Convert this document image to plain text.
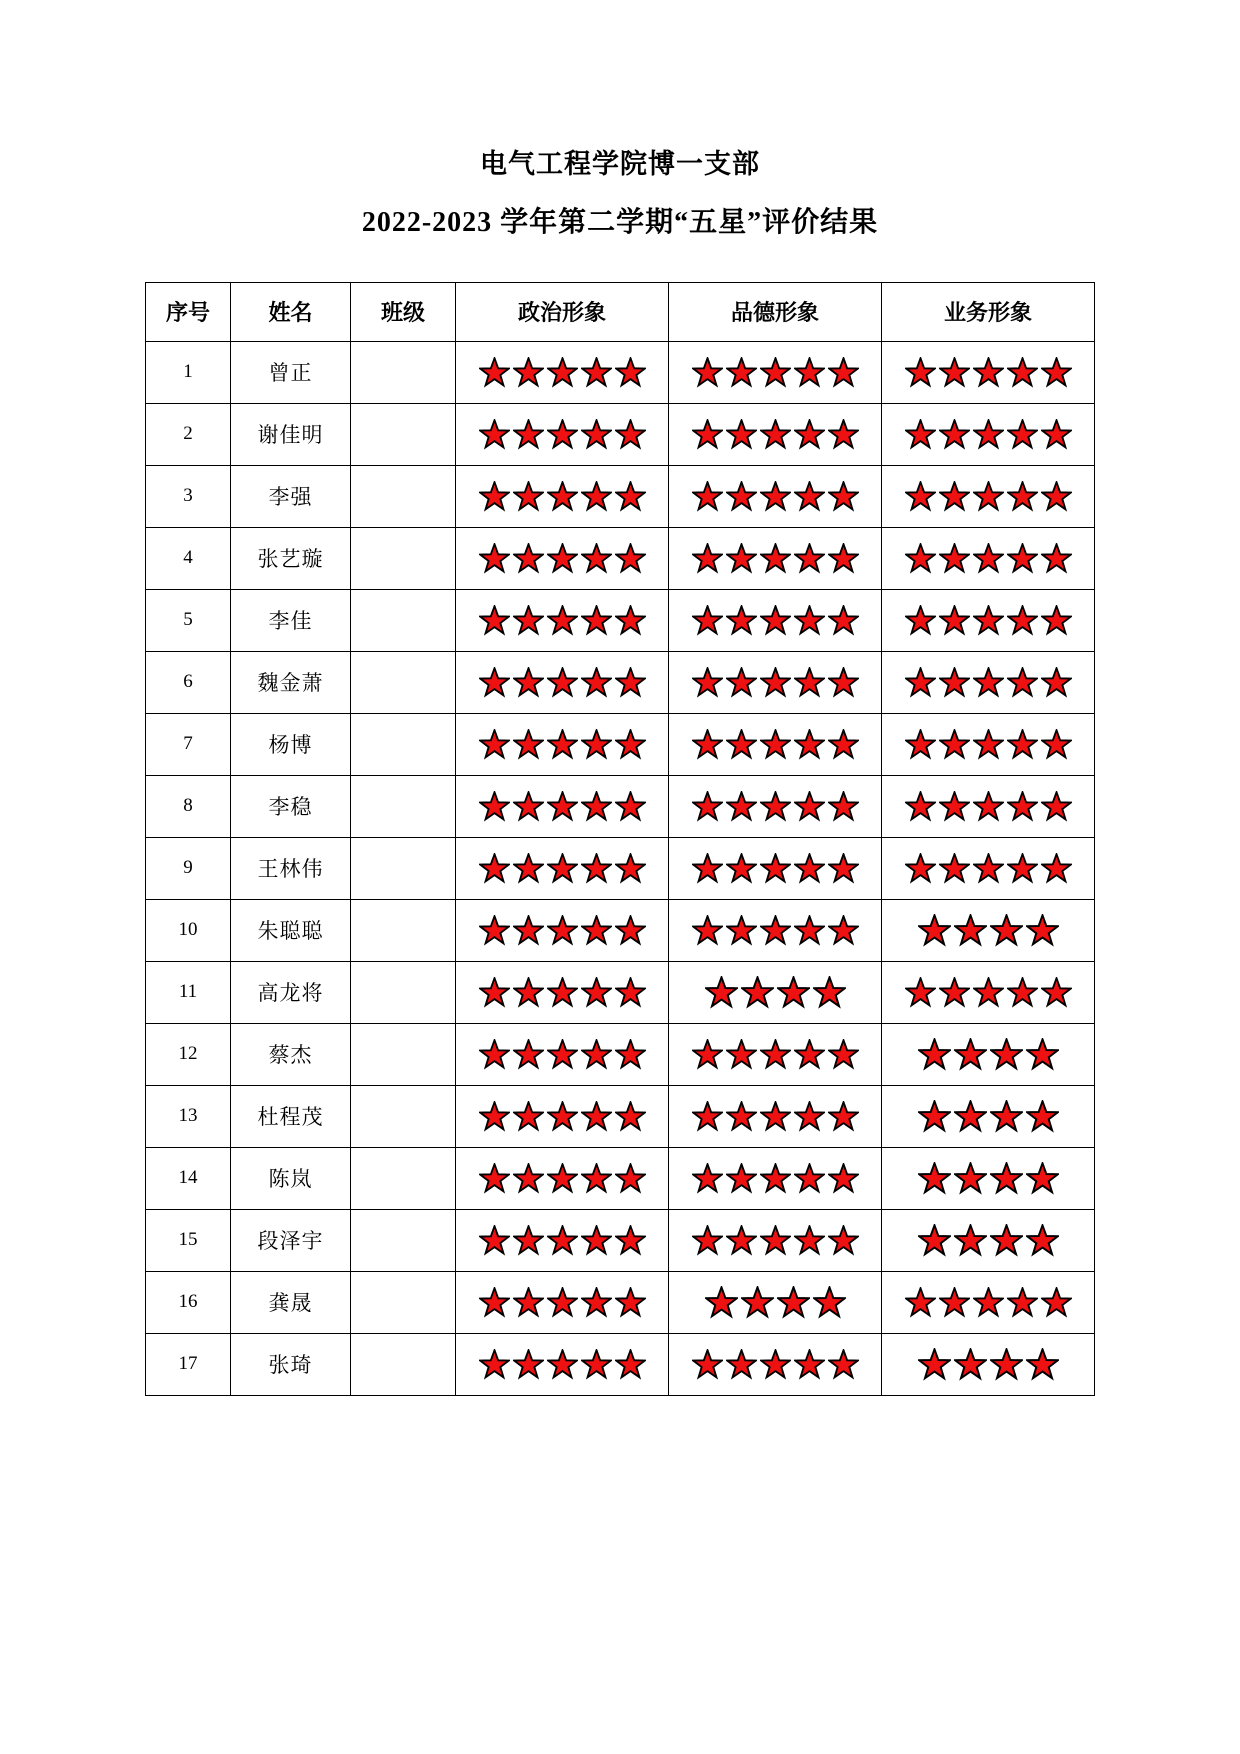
电气工程学院博一支部
2022-2023 学年第二学期“五星”评价结果
序号	姓名	班级	政治形象	品德形象	业务形象
1	曾正		

2	谢佳明		

3	李强		

4	张艺璇		

5	李佳		

6	魏金萧		

7	杨博		

8	李稳		

9	王林伟		

10	朱聪聪		

11	高龙将		

12	蔡杰		

13	杜程茂		

14	陈岚		

15	段泽宇		

16	龚晟		

17	张琦		
